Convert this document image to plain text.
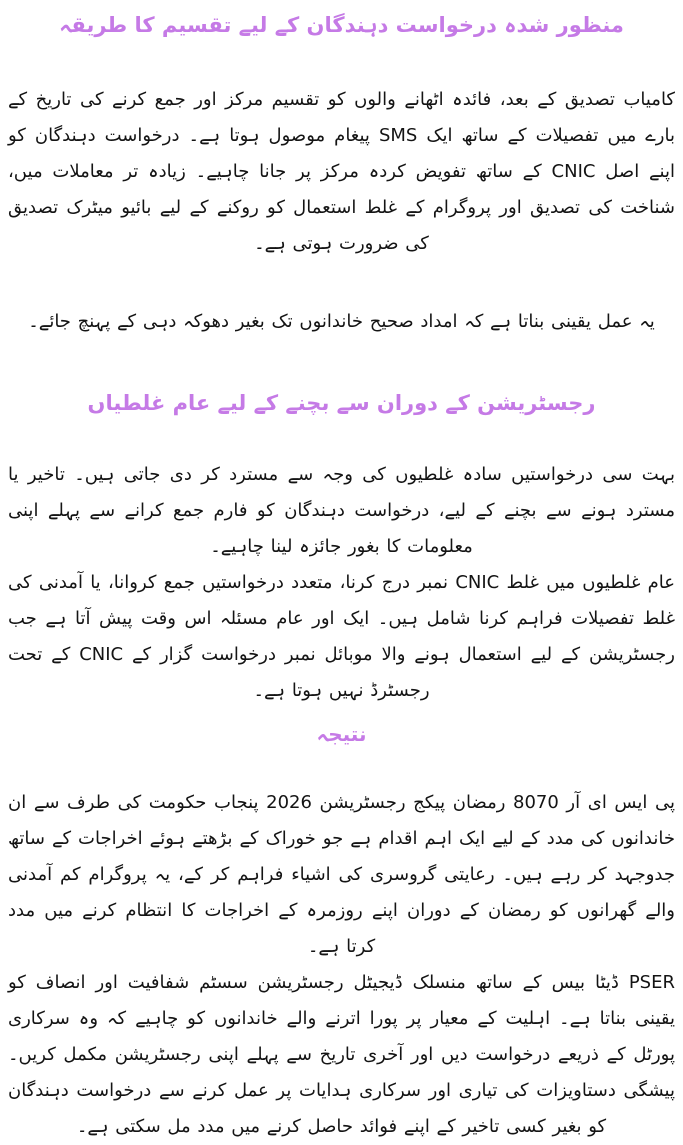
منظور شدہ درخواست دہندگان کے لیے تقسیم کا طریقہ

کامیاب تصدیق کے بعد، فائدہ اٹھانے والوں کو تقسیم مرکز اور جمع کرنے کی تاریخ کے بارے میں تفصیلات کے ساتھ ایک SMS پیغام موصول ہوتا ہے۔ درخواست دہندگان کو اپنے اصل CNIC کے ساتھ تفویض کردہ مرکز پر جانا چاہیے۔ زیادہ تر معاملات میں، شناخت کی تصدیق اور پروگرام کے غلط استعمال کو روکنے کے لیے بائیو میٹرک تصدیق کی ضرورت ہوتی ہے۔

یہ عمل یقینی بناتا ہے کہ امداد صحیح خاندانوں تک بغیر دھوکہ دہی کے پہنچ جائے۔

رجسٹریشن کے دوران سے بچنے کے لیے عام غلطیاں

بہت سی درخواستیں سادہ غلطیوں کی وجہ سے مسترد کر دی جاتی ہیں۔ تاخیر یا مسترد ہونے سے بچنے کے لیے، درخواست دہندگان کو فارم جمع کرانے سے پہلے اپنی معلومات کا بغور جائزہ لینا چاہیے۔

عام غلطیوں میں غلط CNIC نمبر درج کرنا، متعدد درخواستیں جمع کروانا، یا آمدنی کی غلط تفصیلات فراہم کرنا شامل ہیں۔ ایک اور عام مسئلہ اس وقت پیش آتا ہے جب رجسٹریشن کے لیے استعمال ہونے والا موبائل نمبر درخواست گزار کے CNIC کے تحت رجسٹرڈ نہیں ہوتا ہے۔

نتیجہ

پی ایس ای آر 8070 رمضان پیکج رجسٹریشن 2026 پنجاب حکومت کی طرف سے ان خاندانوں کی مدد کے لیے ایک اہم اقدام ہے جو خوراک کے بڑھتے ہوئے اخراجات کے ساتھ جدوجہد کر رہے ہیں۔ رعایتی گروسری کی اشیاء فراہم کر کے، یہ پروگرام کم آمدنی والے گھرانوں کو رمضان کے دوران اپنے روزمرہ کے اخراجات کا انتظام کرنے میں مدد کرتا ہے۔

PSER ڈیٹا بیس کے ساتھ منسلک ڈیجیٹل رجسٹریشن سسٹم شفافیت اور انصاف کو یقینی بناتا ہے۔ اہلیت کے معیار پر پورا اترنے والے خاندانوں کو چاہیے کہ وہ سرکاری پورٹل کے ذریعے درخواست دیں اور آخری تاریخ سے پہلے اپنی رجسٹریشن مکمل کریں۔ پیشگی دستاویزات کی تیاری اور سرکاری ہدایات پر عمل کرنے سے درخواست دہندگان کو بغیر کسی تاخیر کے اپنے فوائد حاصل کرنے میں مدد مل سکتی ہے۔
